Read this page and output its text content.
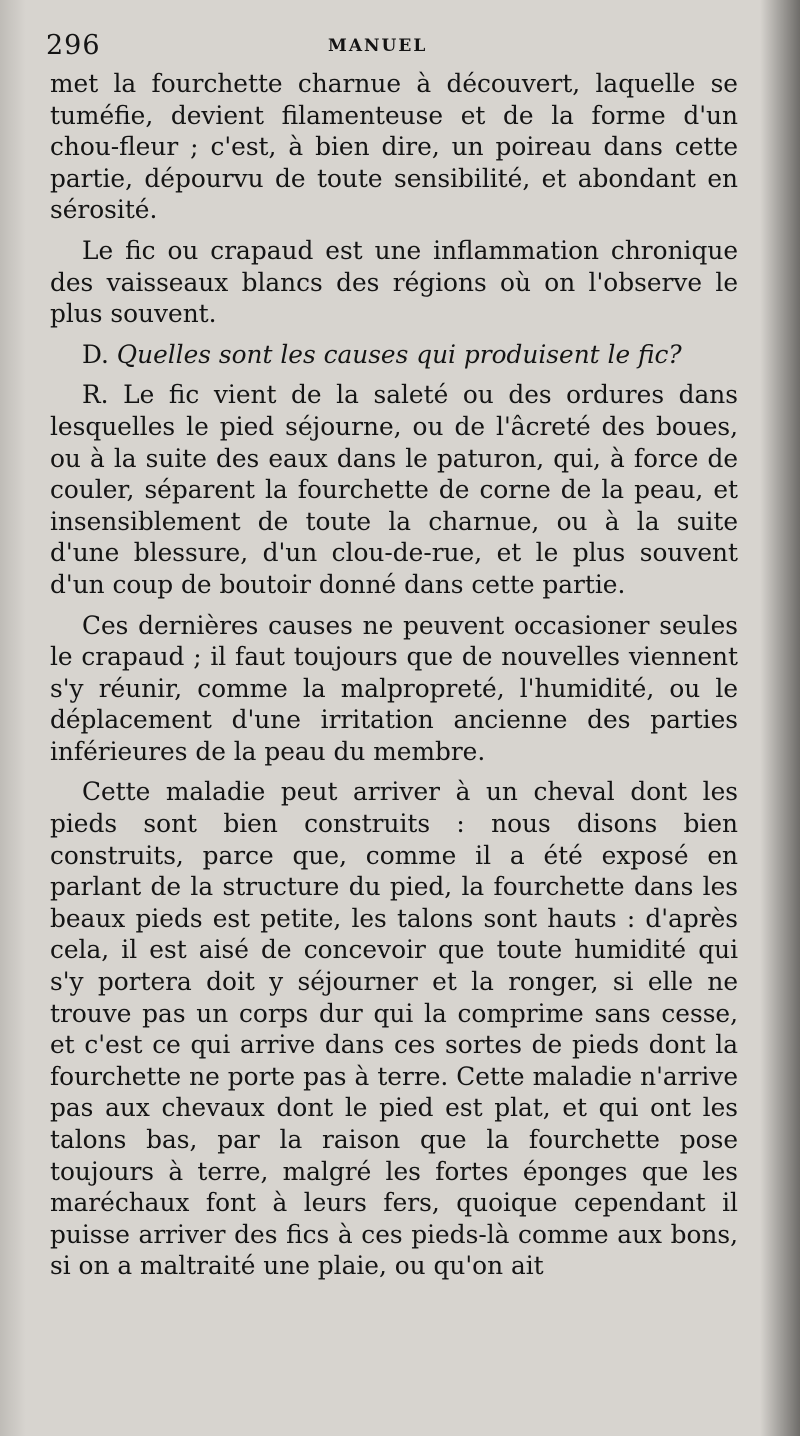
296	MANUEL

met la fourchette charnue à découvert, laquelle se tuméfie, devient filamenteuse et de la forme d'un chou-fleur ; c'est, à bien dire, un poireau dans cette partie, dépourvu de toute sensibilité, et abondant en sérosité.

Le fic ou crapaud est une inflammation chronique des vaisseaux blancs des régions où on l'observe le plus souvent.

D. Quelles sont les causes qui produisent le fic?

R. Le fic vient de la saleté ou des ordures dans lesquelles le pied séjourne, ou de l'âcreté des boues, ou à la suite des eaux dans le paturon, qui, à force de couler, séparent la fourchette de corne de la peau, et insensiblement de toute la charnue, ou à la suite d'une blessure, d'un clou-de-rue, et le plus souvent d'un coup de boutoir donné dans cette partie.

Ces dernières causes ne peuvent occasioner seules le crapaud ; il faut toujours que de nouvelles viennent s'y réunir, comme la malpropreté, l'humidité, ou le déplacement d'une irritation ancienne des parties inférieures de la peau du membre.

Cette maladie peut arriver à un cheval dont les pieds sont bien construits : nous disons bien construits, parce que, comme il a été exposé en parlant de la structure du pied, la fourchette dans les beaux pieds est petite, les talons sont hauts : d'après cela, il est aisé de concevoir que toute humidité qui s'y portera doit y séjourner et la ronger, si elle ne trouve pas un corps dur qui la comprime sans cesse, et c'est ce qui arrive dans ces sortes de pieds dont la fourchette ne porte pas à terre. Cette maladie n'arrive pas aux chevaux dont le pied est plat, et qui ont les talons bas, par la raison que la fourchette pose toujours à terre, malgré les fortes éponges que les maréchaux font à leurs fers, quoique cependant il puisse arriver des fics à ces pieds-là comme aux bons, si on a maltraité une plaie, ou qu'on ait
